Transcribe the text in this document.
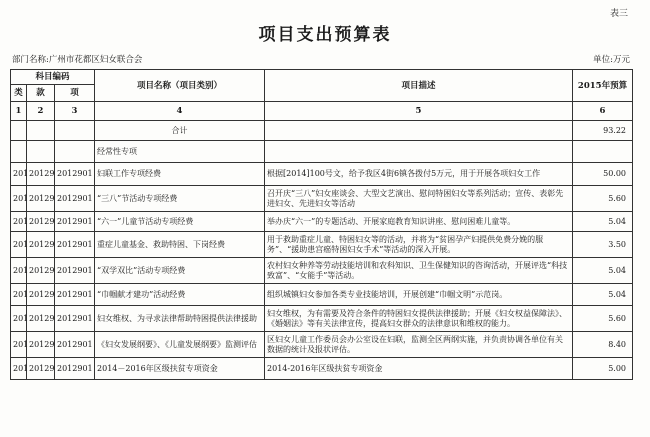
表三
项目支出预算表
部门名称:广州市花都区妇女联合会	单位:万元
科目编码			项目名称（项目类别）	项目描述	2015年预算
类	款	项			
1	2	3	4	5	6
			合计		93.22
			经常性专项		
201	20129	2012901	妇联工作专项经费	根据[2014]100号文，给予我区4街6镇各拨付5万元，用于开展各项妇女工作	50.00
201	20129	2012901	“三八”节活动专项经费	召开庆“三八”妇女座谈会、大型文艺演出、慰问特困妇女等系列活动；宣传、表彰先进妇女、先进妇女等活动	5.60
201	20129	2012901	“六一”儿童节活动专项经费	举办庆“六一”的专题活动、开展家庭教育知识讲座、慰问困难儿童等。	5.04
201	20129	2012901	重症儿童基金、救助特困、下岗经费	用于救助重症儿童、特困妇女等的活动，并将为“贫困孕产妇提供免费分娩的服务”、“援助患宫癌特困妇女手术”等活动的深入开展。	3.50
201	20129	2012901	“双学双比”活动专项经费	农村妇女种养等劳动技能培训和农科知识、卫生保健知识的咨询活动，开展评选“科技致富”、“女能手”等活动。	5.04
201	20129	2012901	“巾帼献才建功”活动经费	组织城镇妇女参加各类专业技能培训，开展创建“巾帼文明”示范岗。	5.04
201	20129	2012901	妇女维权、为寻求法律帮助特困提供法律援助	妇女维权，为有需要及符合条件的特困妇女提供法律援助；开展《妇女权益保障法》、《婚姻法》等有关法律宣传，提高妇女群众的法律意识和维权的能力。	5.60
201	20129	2012901	《妇女发展纲要》、《儿童发展纲要》监测评估	区妇女儿童工作委员会办公室设在妇联，监测全区两纲实施，并负责协调各单位有关数据的统计及报状评估。	8.40
201	20129	2012901	2014－2016年区级扶贫专项资金	2014-2016年区级扶贫专项资金	5.00
